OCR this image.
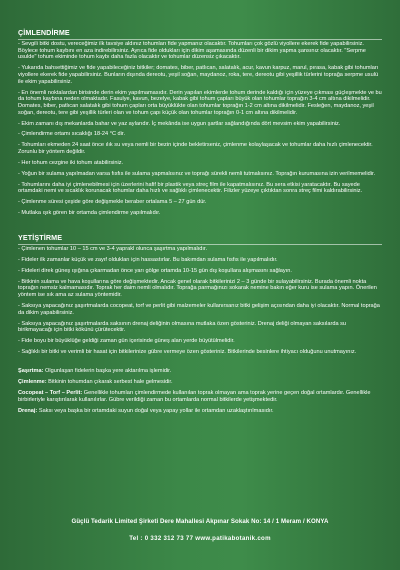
ÇİMLENDİRME

- Sevgili bitki dostu, vereceğimiz ilk tavsiye aldınız tohumları fide yapmanız olacaktır. Tohumları çok gözlü viyollere ekerek fide yapabilirsiniz. Böylece tohum kaybını en aza indirebilirsiniz. Ayrıca fide oldukları için dikim aşamasında düzenli bir dikim yapma şansınız olacaktır. "Serpme usulde" tohum ekiminde tohum kaybı daha fazla olacaktır ve tohumlar düzensiz çıkacaktır.

- Yukarıda bahsettiğimiz ve fide yapabileceğiniz bitkiler; domates, biber, patlıcan, salatalık, acur, kavun karpuz, marul, pırasa, kabak gibi tohumları viyollere ekerek fide yapabilirsiniz. Bunların dışında dereotu, yeşil soğan, maydanoz, roka, tere, dereotu gibi yeşillik türlerini toprağa serpme usulü ile ekim yapabilirsiniz.

- En önemli noktalardan birisinde derin ekim yapılmamasıdır. Derin yapılan ekimlerde tohum derinde kaldığı için yüzeye çıkması güçleşmekte ve bu da tohum kaybına neden olmaktadır. Fasulye, kavun, bezelye, kabak gibi tohum çapları büyük olan tohumlar toprağın 3-4 cm altına dikilmelidir. Domates, biber, patlıcan salatalık gibi tohum çapları orta büyüklükte olan tohumlar toprağın 1-2 cm altına dikilmelidir. Fesleğen, maydanoz, yeşil soğan, dereotu, tere gibi yeşillik türleri olan ve tohum çapı küçük olan tohumlar toprağın 0-1 cm altına dikilmelidir.

- Ekim zamanı dış mekanlarda bahar ve yaz aylarıdır. İç mekânda ise uygun şartlar sağlandığında dört mevsim ekim yapabilirsiniz.

- Çimlendirme ortamı sıcaklığı 18-24 °C dir.

- Tohumları ekmeden 24 saat önce ılık su veya nemli bir bezin içinde bekletirseniz, çimlenme kolaylaşacak ve tohumlar daha hızlı çimlenecektir. Zorunlu bir yöntem değildir.

- Her tohum cezgine iki tohum atabilirsiniz.

- Yoğun bir sulama yapılmadan varsa fısfıs ile sulama yapmalısınız ve toprağı sürekli nemli tutmalısınız. Toprağın kurumasına izin verilmemelidir.

- Tohumlarını daha iyi çimlenebilmesi için üzerlerini hafif bir plastik veya streç film ile kapatmalısınız. Bu sera etkisi yaratacaktır. Bu sayede ortamdaki nemi ve sıcaklık korunacak tohumlar daha hızlı ve sağlıklı çimlenecektir. Filizler yüzeye çıktıktan sonra streç filmi kaldırabilirsiniz.

- Çimlenme süresi çeşide göre değişmekle beraber ortalama 5 – 27 gün dür.

- Mutlaka ışık gören bir ortamda çimlendirme yapılmalıdır.

YETİŞTİRME

- Çimlenen tohumlar 10 – 15 cm ve 3-4 yaprakl olunca şaşırtma yapılmalıdır.

- Fideler ilk zamanlar küçük ve zayıf oldukları için hassastırlar. Bu bakımdan sulama fısfıs ile yapılmalıdır.

- Fideleri direk güneş ışığına çıkarmadan önce yarı gölge ortamda 10-15 gün dış koşullara alışmasını sağlayın.

- Bitkinin sulama ve hava koşullarına göre değişmektedir. Ancak genel olarak bitkilerinizi 2 – 3 günde bir sulayabilirsiniz. Burada önemli nokta toprağın nemsiz kalmamasıdır. Toprak her daim nemli olmalıdır. Toprağa parmağınızı sokarak nemine bakın eğer kuru ise sulama yapın. Önerilen yöntem ise sık ama az sulama yöntemidir.

- Saksıya yapacağınız şaşırtmalarda cocopeat, torf ve perlit gibi malzemeler kullanırsanız bitki gelişim açısından daha iyi olacaktır. Normal toprağa da dikim yapabilirsiniz.

- Saksıya yapacağınız şaşırtmalarda saksının drenaj deliğinin olmasına mutlaka özen gösteriniz. Drenaj deliği olmayan saksılarda su birikmayacağı için bitki kökünü çürütecektir.

- Fide boyu bir büyüklüğe geldiği zaman gün içerisinde güneş alan yerde büyütülmelidir.

- Sağlıklı bir bitki ve verimli bir hasat için bitkilerinize gübre vermeye özen gösteriniz. Bitkilerinde besinlere ihtiyacı olduğunu unutmayınız.

Şaşırtma: Olgunlaşan fidelerin başka yere aktarılma işlemidir.

Çimlenme: Bitkinin tohumdan çıkarak serbest hale gelmesidir.

Cocopeat – Torf – Perlit: Genellikle tohumları çimlendirmede kullanılan toprak olmayan ama toprak yerine geçen doğal ortamlardır. Genellikle birbirleriyle karıştırılarak kullanılırlar. Gübre verildiği zaman bu ortamlarda normal bitkilerde yetişmektedir.

Drenaj: Saksı veya başka bir ortamdaki suyun doğal veya yapay yollar ile ortamdan uzaklaştırılmasıdır.

Güçlü Tedarik Limited Şirketi Dere Mahallesi Akpınar Sokak No: 14 / 1 Meram / KONYA
Tel : 0 332 312 73 77 www.patikabotanik.com
